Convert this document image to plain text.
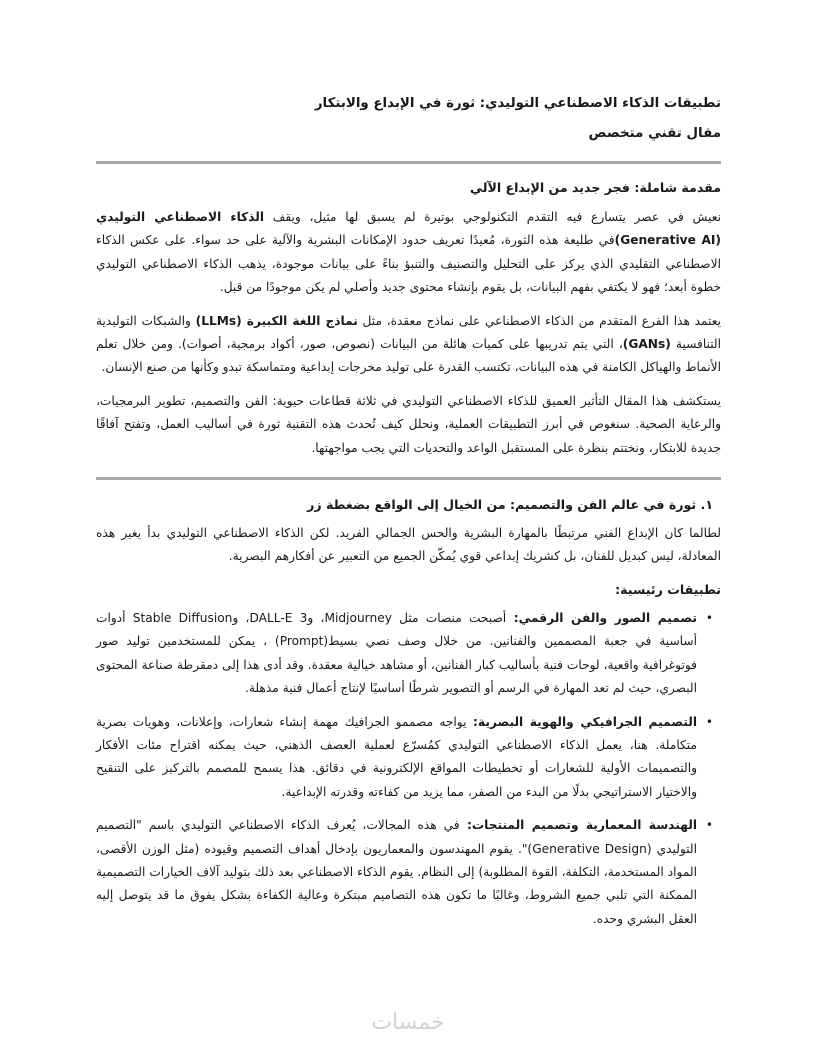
تطبيقات الذكاء الاصطناعي التوليدي: ثورة في الإبداع والابتكار

مقال تقني متخصص

مقدمة شاملة: فجر جديد من الإبداع الآلي

نعيش في عصر يتسارع فيه التقدم التكنولوجي بوتيرة لم يسبق لها مثيل، ويقف الذكاء الاصطناعي التوليدي (Generative AI)في طليعة هذه الثورة، مُعيدًا تعريف حدود الإمكانات البشرية والآلية على حد سواء. على عكس الذكاء الاصطناعي التقليدي الذي يركز على التحليل والتصنيف والتنبؤ بناءً على بيانات موجودة، يذهب الذكاء الاصطناعي التوليدي خطوة أبعد؛ فهو لا يكتفي بفهم البيانات، بل يقوم بإنشاء محتوى جديد وأصلي لم يكن موجودًا من قبل.

يعتمد هذا الفرع المتقدم من الذكاء الاصطناعي على نماذج معقدة، مثل نماذج اللغة الكبيرة (LLMs) والشبكات التوليدية التنافسية (GANs)، التي يتم تدريبها على كميات هائلة من البيانات (نصوص، صور، أكواد برمجية، أصوات). ومن خلال تعلم الأنماط والهياكل الكامنة في هذه البيانات، تكتسب القدرة على توليد مخرجات إبداعية ومتماسكة تبدو وكأنها من صنع الإنسان.

يستكشف هذا المقال التأثير العميق للذكاء الاصطناعي التوليدي في ثلاثة قطاعات حيوية: الفن والتصميم، تطوير البرمجيات، والرعاية الصحية. سنغوص في أبرز التطبيقات العملية، ونحلل كيف تُحدث هذه التقنية ثورة في أساليب العمل، وتفتح آفاقًا جديدة للابتكار، ونختتم بنظرة على المستقبل الواعد والتحديات التي يجب مواجهتها.

١. ثورة في عالم الفن والتصميم: من الخيال إلى الواقع بضغطة زر

لطالما كان الإبداع الفني مرتبطًا بالمهارة البشرية والحس الجمالي الفريد. لكن الذكاء الاصطناعي التوليدي بدأ يغير هذه المعادلة، ليس كبديل للفنان، بل كشريك إبداعي قوي يُمكّن الجميع من التعبير عن أفكارهم البصرية.

تطبيقات رئيسية:

•
تصميم الصور والفن الرقمي: أصبحت منصات مثل Midjourney، وDALL-E 3، وStable Diffusion أدوات أساسية في جعبة المصممين والفنانين. من خلال وصف نصي بسيط(Prompt) ، يمكن للمستخدمين توليد صور فوتوغرافية واقعية، لوحات فنية بأساليب كبار الفنانين، أو مشاهد خيالية معقدة. وقد أدى هذا إلى دمقرطة صناعة المحتوى البصري، حيث لم تعد المهارة في الرسم أو التصوير شرطًا أساسيًا لإنتاج أعمال فنية مذهلة.
•
التصميم الجرافيكي والهوية البصرية: يواجه مصممو الجرافيك مهمة إنشاء شعارات، وإعلانات، وهويات بصرية متكاملة. هنا، يعمل الذكاء الاصطناعي التوليدي كمُسرّع لعملية العصف الذهني، حيث يمكنه اقتراح مئات الأفكار والتصميمات الأولية للشعارات أو تخطيطات المواقع الإلكترونية في دقائق. هذا يسمح للمصمم بالتركيز على التنقيح والاختيار الاستراتيجي بدلًا من البدء من الصفر، مما يزيد من كفاءته وقدرته الإبداعية.
•
الهندسة المعمارية وتصميم المنتجات: في هذه المجالات، يُعرف الذكاء الاصطناعي التوليدي باسم "التصميم التوليدي (Generative Design)". يقوم المهندسون والمعماريون بإدخال أهداف التصميم وقيوده (مثل الوزن الأقصى، المواد المستخدمة، التكلفة، القوة المطلوبة) إلى النظام. يقوم الذكاء الاصطناعي بعد ذلك بتوليد آلاف الخيارات التصميمية الممكنة التي تلبي جميع الشروط، وغالبًا ما تكون هذه التصاميم مبتكرة وعالية الكفاءة بشكل يفوق ما قد يتوصل إليه العقل البشري وحده.
خمسات
